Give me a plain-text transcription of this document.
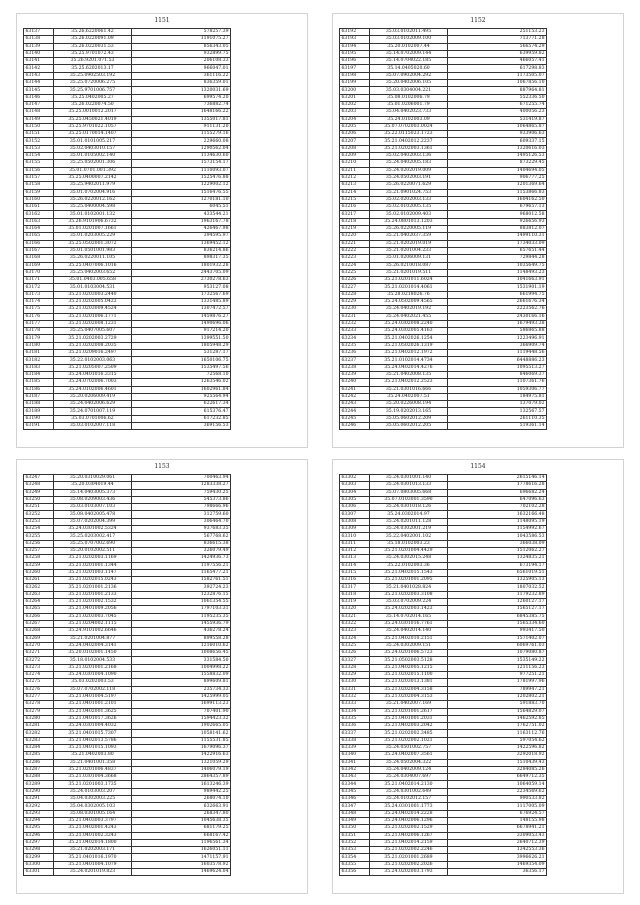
1151
63137	35.26.6220061.42	578257.39
63138	35.26.0220091.09	1191075.27
63139	35.26.0220031.53	856343.05
63140	35.25.9701072.43	932899.75
63141	35.26.9201.071.53	206108.33
63142	35.25.6202013.17	966047.01
63143	35.25.0902503.192	361116.22
63144	35.25.0720006.275	836359.01
63145	35.25.9701006.757	1320031.69
63146	35.25.0402005.27	699574.20
63147	35.26.0220074.50	736882.74
63148	35.25.0010012.2017	1648166.22
63149	35.25.0450021.4019	1355017.81
63150	35.25.9701022.1057	911131.20
63151	35.25.0170014.1407	1155279.16
63152	35.01.0101005.217	229660.08
63153	35.02.0403010.157	1290562.04
63154	35.01.0105002.140	1134630.60
63155	35.25.0502001.306	1573154.17
63156	35.01.0701.001.392	1110093.07
63157	35.25.0400007.2142	1525476.88
63158	35.25.9402011.979	1229002.12
63159	35.01.0702004.916	1516476.55
63160	35.26.0220012.162	1270181.10
63161	35.25.0400004.598	6045.51
63162	35.01.0102001.132	433544.21
63163	35.26.9101906.6732	1963167.78
63164	35.01.0201007.1661	426467.98
63165	35.01.0203005.229	394595.97
63166	35.25.0502001.3072	1369452.12
63167	35.01.0501001.983	836214.86
63168	35.26.0220011.105	898317.35
63169	35.25.0407006.1016	1801932.28
63170	35.25.0402003.652	2443705.09
63171	35.01.0403.005.658	2730278.63
63172	35.01.0103004.531	953127.08
63173	35.21.0203003.2440	1732567.69
63174	35.21.0202005.0423	1331485.89
63175	35.21.0203009.4524	1307472.57
63176	35.21.0201006.1771	1459876.27
63177	35.21.0202008.1231	1490696.06
63178	35.25.0407005.607	917214.20
63179	35.21.0202003.2729	1399551.50
63180	35.21.0202008.2035	1805948.29
63181	35.21.0209016.2497	531287.17
63182	35.22.0102003.063	1650106.75
63183	35.21.0205007.2509	1535497.56
63184	35.24.0401016.3315	72568.10
63185	35.24.0702006.7003	1263546.02
63186	35.24.0102006.4601	1602961.84
63187	35.20.0206009.419	925564.94
63188	35.24.0402006.629	622617.34
63189	35.24.0701007.119	615376.47
63190	35.03.0701006.62	617232.85
63191	35.03.0102007.118	369156.53
1152
63192	35.03.0102011.495	251153.23
63193	35.03.0102009.100	713771.28
63194	35.20.0102007.44	566574.29
63195	35.14.0702009.144	639959.82
63196	35.14.0704022.185	466057.41
63197	35.14.0405020.60	617298.83
63198	35.07.0902004.292	1173505.07
63199	35.20.0402006.105	1067856.10
63200	35.03.0304004.221	887964.81
63201	35.08.0102006.79	552336.50
63202	35.01.0206001.79	671255.74
63203	35.04.0402023.733	400056.23
63204	35.24.0102003.09	531419.87
63205	35.07.0702003.0024	1064865.87
63206	35.22.0115023.1723	933906.63
63207	35.21.0402012.2237	609337.15
63208	35.21.0202003.1361	1320616.03
63209	35.02.0402003.136	1495126.53
63210	35.24.0402005.183	873229.45
63211	35.24.0202019.009	1404694.05
63212	35.24.0502003.191	906777.25
63213	35.26.0220071.629	1201369.64
63214	35.21.0901024.753	1153866.83
63215	35.02.0202003.133	1604162.50
63216	35.02.0102005.135	679657.13
63217	35.02.0102009.403	968012.58
63218	35.24.0801013.1203	926656.93
63219	35.26.0220005.119	883812.07
63220	35.21.0402037.359	1499110.31
63221	35.21.0202019.019	1734033.09
63222	35.21.0201004.233	657651.44
63223	35.01.0206009.131	729844.28
63224	35.26.0210018.087	1035649.75
63225	35.21.0201019.511	1148493.23
63226	35.21.0201011.6024	1041663.91
63227	35.21.0201014.4061	1531901.19
63228	35.28.0218026.76	661994.75
63229	35.24.0502009.4565	2661676.34
63230	35.24.0402019.192	2223562.76
63231	35.24.0402021.455	2430166.16
63232	35.24.0302008.2240	1679493.38
63233	35.24.0302005.4163	586865.88
63234	35.21.0402026.1254	1223496.91
63235	35.21.0502026.1319	366909.74
63236	35.21.0402012.1972	1119448.56
63237	35.21.0102014.4734	6448886.23
63238	35.24.0402014.4276	1095513.27
63239	35.21.0402008.135	846069.37
63240	35.21.0402012.2523	1107361.76
63241	35.21.0301016.666	1059306.77
63242	35.24.0402007.51	184975.81
63243	35.20.0226008.194	137079.02
63244	35.19.0202013.165	132567.57
63245	35.05.0602012.209	261110.35
63246	35.05.0602012.205	519361.14
1153
63247	35.20.0310029.061	700463.94
63248	35.20.0304019.44	1283338.27
63249	35.14.0403005.373	759430.25
63250	35.08.0209003.436	545373.86
63251	35.03.0103007.103	798666.96
63252	35.08.0402005.478	312759.60
63253	35.07.0202004.399	306464.70
63254	35.24.0301002.5324	937683.35
63255	35.25.0203002.417	567768.62
63256	35.25.0707002.690	836615.38
63257	35.20.0102002.511	326079.49
63258	35.21.0202003.1169	1424936.73
63259	35.21.0201001.1344	1197556.21
63260	35.21.0201003.1147	1165477.21
63261	35.21.0202015.0243	1582761.51
63262	35.21.0201001.2136	392724.23
63263	35.21.0201001.2133	1232876.15
63264	35.21.0201002.1532	1061354.55
63265	35.21.0401009.2056	1797103.31
63266	35.21.0203003.7045	1195235.35
63267	35.21.0204002.1115	1455936.79
63268	35.24.9101002.6646	436278.24
63269	35.21.0201004.877	899558.28
63270	35.24.0402004.3141	1216010.62
63271	35.20.0102001.1450	1008656.45
63272	35.18.0102004.533	331584.50
63273	35.21.0201001.2168	1004998.22
63274	35.24.0301004.1090	1558832.09
63275	35.03.0202003.53	899609.81
63276	35.07.0702002.118	235734.33
63277	35.21.0401004.5197	1425999.05
63278	35.21.0401001.2101	1699113.23
63279	35.21.0402001.3625	707401.90
63280	35.21.0401017.3626	1594423.32
63281	35.24.0301004.4032	1902665.05
63282	35.21.0401015.7307	1058141.62
63283	35.21.0402013.5786	1155531.85
63284	35.21.0401015.1093	1679096.37
63285	35.21.0402003.80	1422916.63
63286	35.21.0401001.358	1321059.29
63287	35.21.0201006.4837	1406079.19
63288	35.21.0301004.3668	2864357.89
63289	35.21.0201003.1735	1613246.39
63290	35.24.0103003.207	989442.25
63291	35.04.0302003.225	268074.10
63292	35.04.0302005.103	632663.91
63293	35.08.0301005.164	268347.80
63294	35.21.0403003.3797	1045638.35
63295	35.21.0402001.4243	681179.25
63296	35.21.0401002.3243	668167.42
63297	35.21.0402014.1800	1196561.34
63298	35.21.0202003.171	1626051.11
63299	35.21.0401016.1970	1471157.91
63300	35.21.0401004.1079	1603578.92
63301	35.24.0201019.823	1469624.04
1154
63302	35.24.0301001.140	2615146.14
63303	35.24.0301013.133	1778616.28
63304	35.07.0803005.668	696682.24
63305	35.07.0103001.3590	647096.63
63306	35.24.0301018.126	702102.28
63307	35.24.0302014.97	1632166.48
63308	35.24.0201011.128	1148095.19
63309	35.24.0302001.219	1154992.67
63310	35.22.0402001.102	1043586.53
63311	35.18.0102003.23	366038.09
63312	35.21.0201004.4429	1512062.27
63313	35.24.0302015.248	1324835.21
63314	35.22.0102003.36	673194.17
63315	35.21.0402015.1543	6561019.51
63316	35.21.0201001.2095	1325905.13
63317	35.21.0401028.824	1807032.52
63318	35.21.0202003.3108	1179232.89
63319	35.03.0702009.224	1260127.17
63320	35.24.0202003.1423	1565127.17
63321	35.14.0702014.165	6845385.75
63322	35.24.0301016.7761	1565334.60
63323	35.24.0402014.140	993417.50
63324	35.21.0402010.2151	1571402.07
63325	35.24.0302009.151	6069761.03
63326	35.24.0201006.5723	1079080.87
63327	35.21.0502003.5128	1535149.22
63328	35.21.0402005.1215	1211156.23
63329	35.21.0202015.1100	977251.21
63330	35.21.0203013.1381	1781997.96
63331	35.21.0202004.3158	789947.21
63332	35.21.0202004.3153	1202802.21
63333	35.21.0402007.169	591883.70
63334	35.21.0201001.2617	1564829.07
63335	35.21.0401001.2031	1462592.85
63336	35.21.0402003.2042	1762751.02
63337	35.21.0202002.3485	1163112.76
63338	35.21.0202002.1021	597054.62
63339	35.24.0501002.757	1422596.82
63340	35.24.0402007.3561	3292018.92
63341	35.24.0502004.322	1510439.43
63342	35.24.0402009.124	3284085.26
63343	35.24.0304007.697	6649712.35
63344	35.21.0402014.2130	1064059.14
63345	35.24.0301002.649	2234569.62
63346	35.24.0102012.157	990533.82
63347	35.24.0301001.1773	1117005.09
63348	35.24.0402014.2228	676924.57
63349	35.24.0402006.1296	148155.98
63350	35.21.0202002.1529	6678941.21
63351	35.21.0402006.1267	3309053.43
63352	35.21.0402014.2159	2640712.39
63353	35.21.0202002.2246	1342553.36
63354	35.21.0201001.2689	3996626.21
63355	35.21.0202002.2026	1469354.09
63356	35.24.0202003.1793	36356.17
